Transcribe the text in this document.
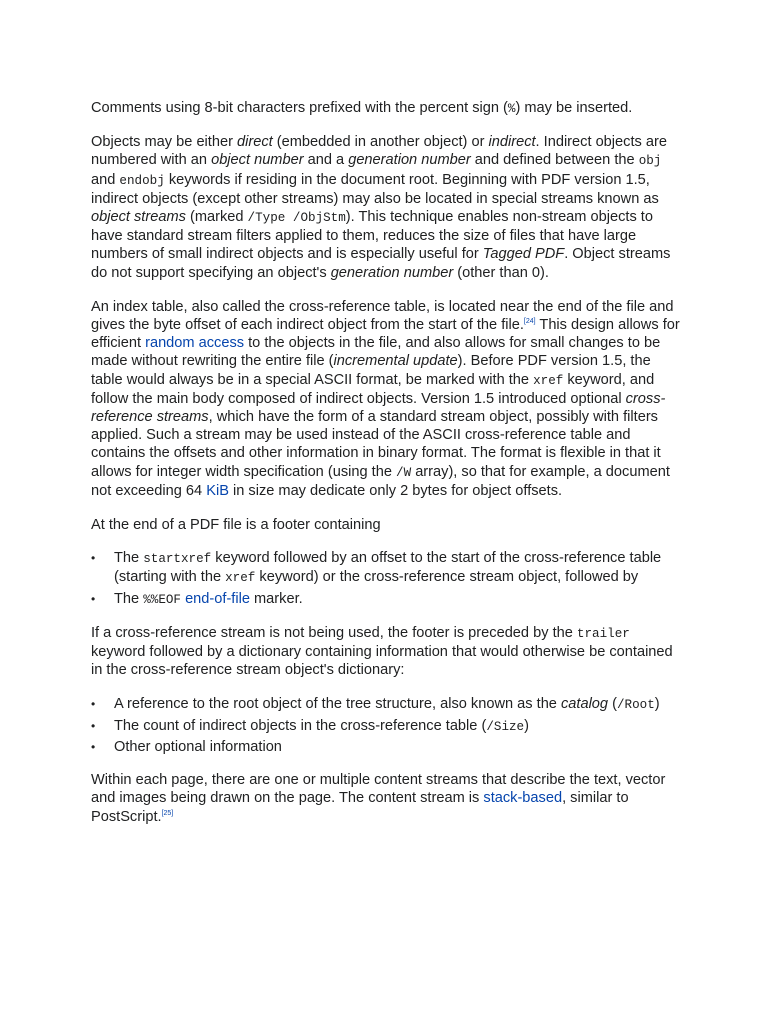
Comments using 8-bit characters prefixed with the percent sign (%) may be inserted.

Objects may be either direct (embedded in another object) or indirect. Indirect objects are numbered with an object number and a generation number and defined between the obj and endobj keywords if residing in the document root. Beginning with PDF version 1.5, indirect objects (except other streams) may also be located in special streams known as object streams (marked /Type /ObjStm). This technique enables non-stream objects to have standard stream filters applied to them, reduces the size of files that have large numbers of small indirect objects and is especially useful for Tagged PDF. Object streams do not support specifying an object's generation number (other than 0).

An index table, also called the cross-reference table, is located near the end of the file and gives the byte offset of each indirect object from the start of the file.[24] This design allows for efficient random access to the objects in the file, and also allows for small changes to be made without rewriting the entire file (incremental update). Before PDF version 1.5, the table would always be in a special ASCII format, be marked with the xref keyword, and follow the main body composed of indirect objects. Version 1.5 introduced optional cross-reference streams, which have the form of a standard stream object, possibly with filters applied. Such a stream may be used instead of the ASCII cross-reference table and contains the offsets and other information in binary format. The format is flexible in that it allows for integer width specification (using the /W array), so that for example, a document not exceeding 64 KiB in size may dedicate only 2 bytes for object offsets.

At the end of a PDF file is a footer containing

• The startxref keyword followed by an offset to the start of the cross-reference table (starting with the xref keyword) or the cross-reference stream object, followed by
• The %%EOF end-of-file marker.

If a cross-reference stream is not being used, the footer is preceded by the trailer keyword followed by a dictionary containing information that would otherwise be contained in the cross-reference stream object's dictionary:

• A reference to the root object of the tree structure, also known as the catalog (/Root)
• The count of indirect objects in the cross-reference table (/Size)
• Other optional information

Within each page, there are one or multiple content streams that describe the text, vector and images being drawn on the page. The content stream is stack-based, similar to PostScript.[25]
